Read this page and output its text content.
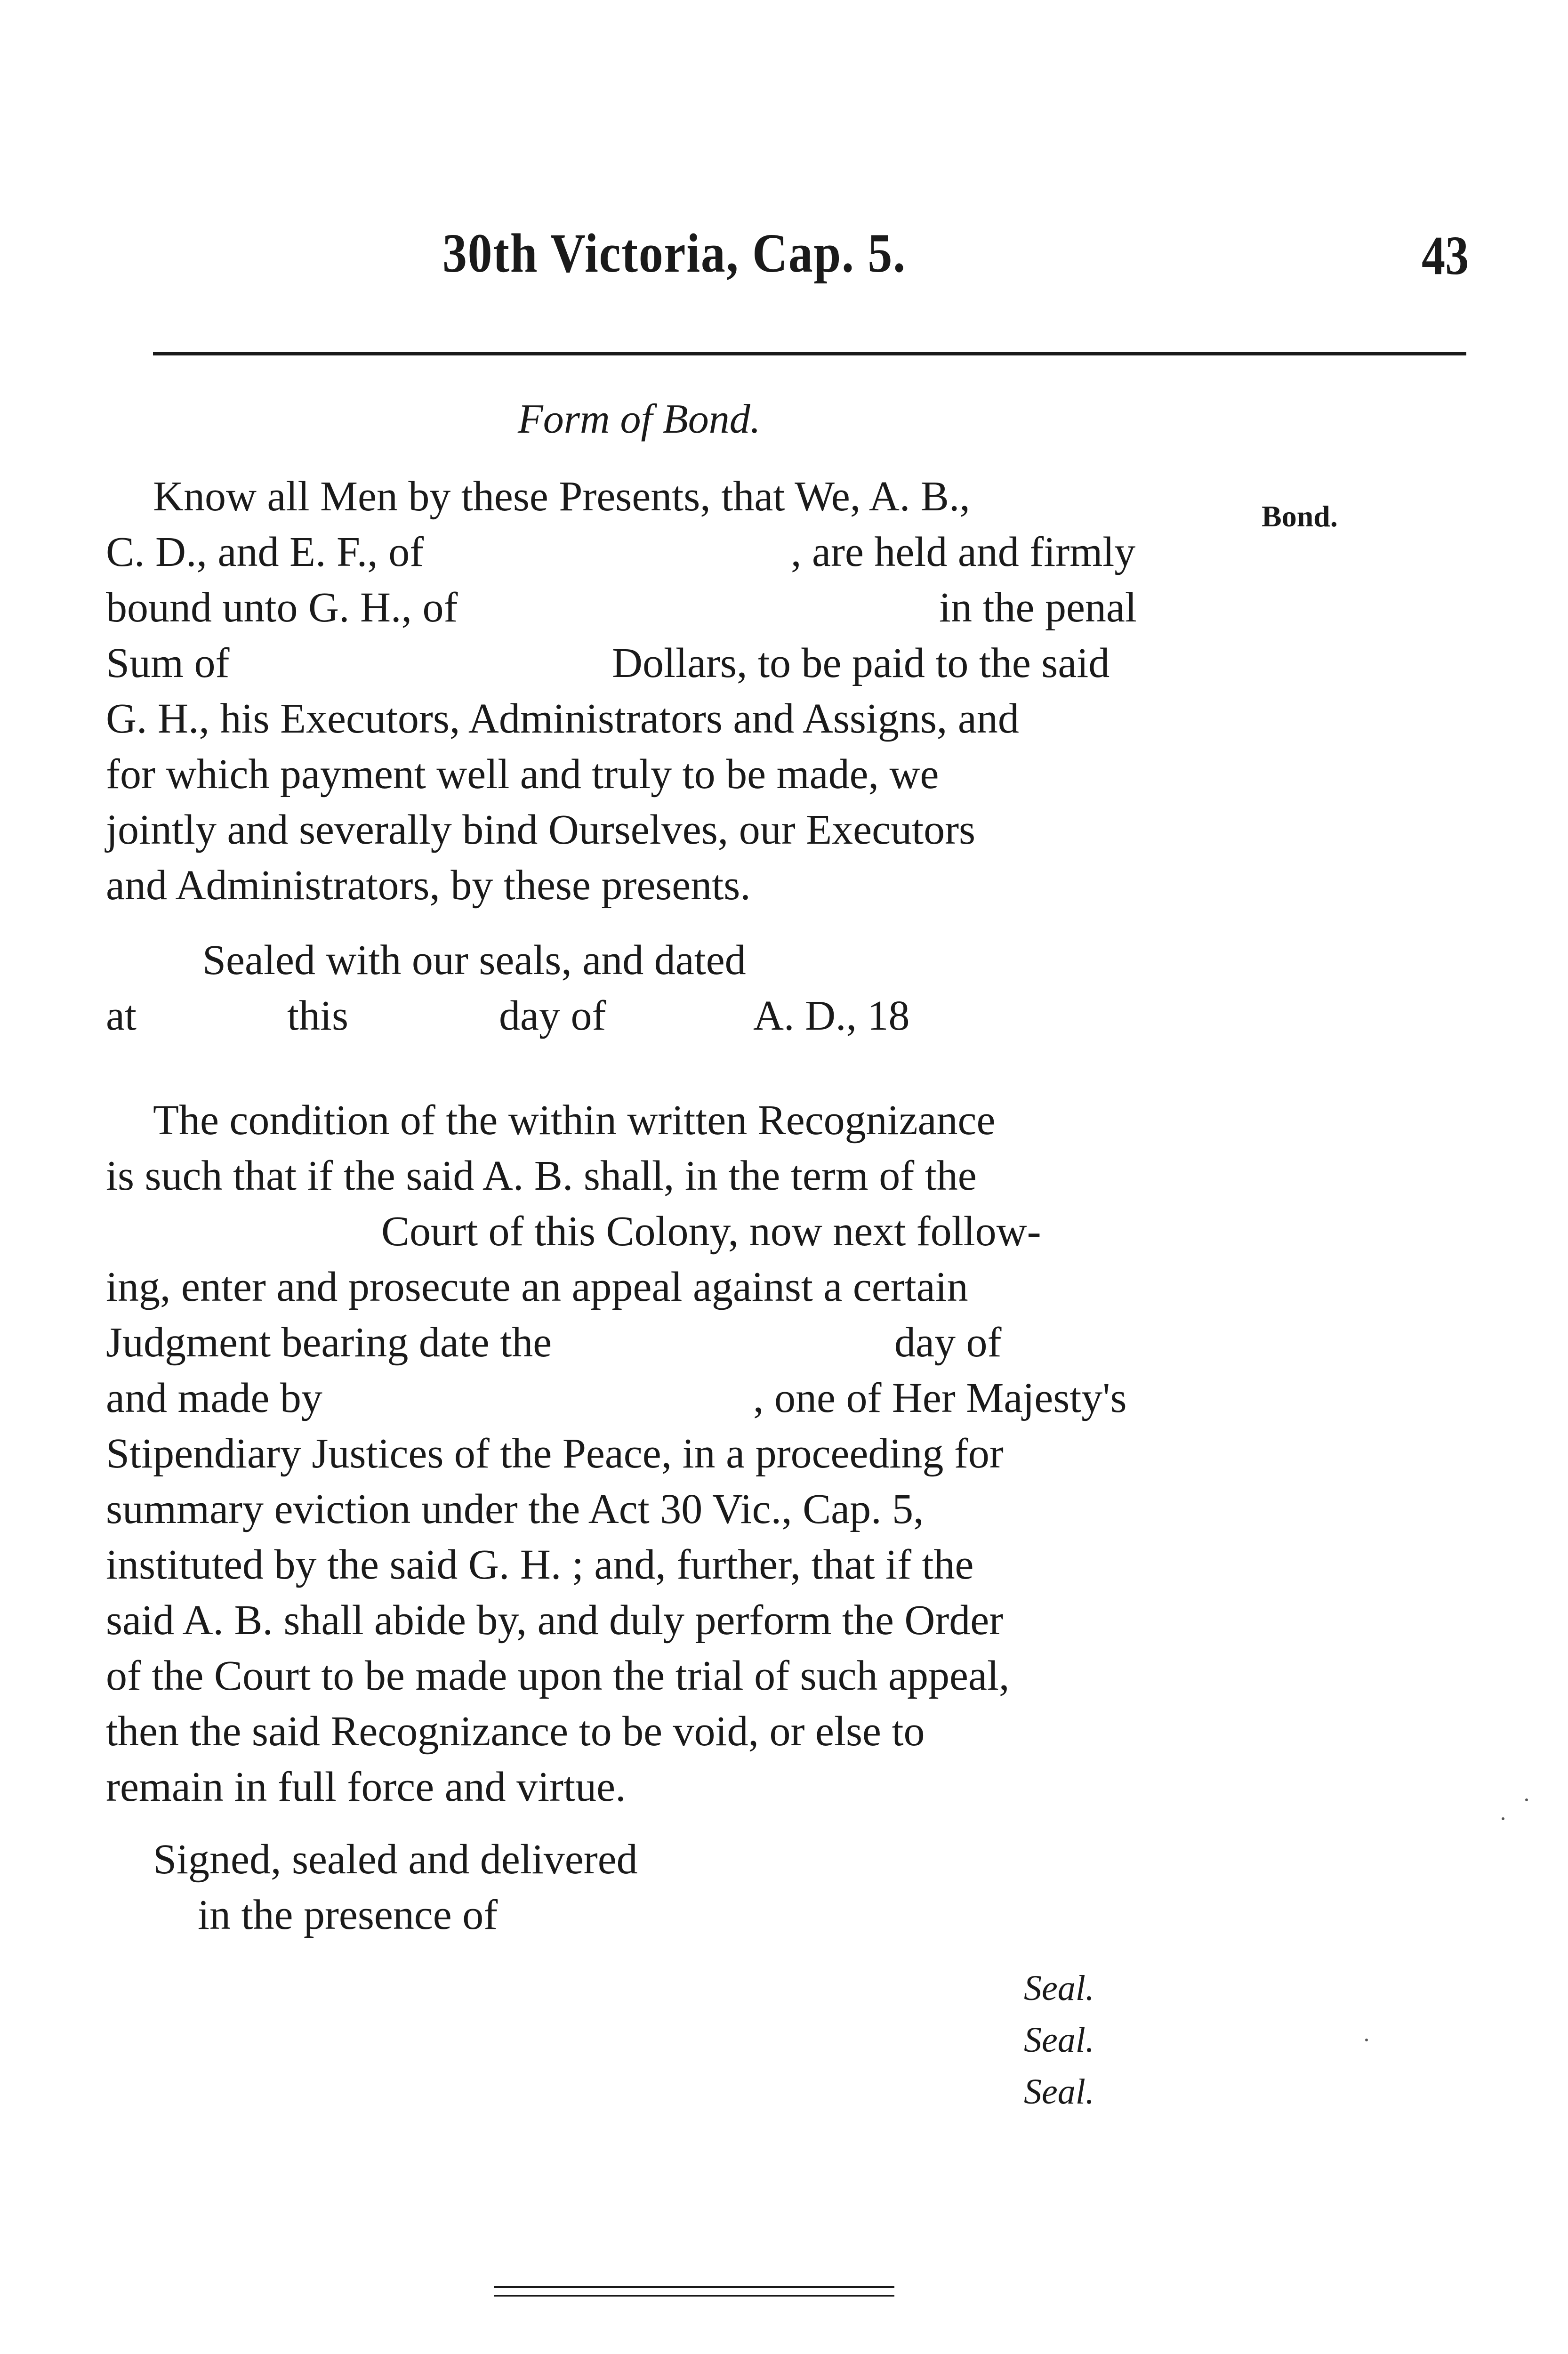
30th Victoria, Cap. 5.	43
Form of Bond.
Bond.
Know all Men by these Presents, that We, A. B.,
C. D., and E. F., of	, are held and firmly
bound unto G. H., of	in the penal
Sum of	Dollars, to be paid to the said
G. H., his Executors, Administrators and Assigns, and
for which payment well and truly to be made, we
jointly and severally bind Ourselves, our Executors
and Administrators, by these presents.
Sealed with our seals, and dated
at	this	day of	A. D., 18
The condition of the within written Recognizance
is such that if the said A. B. shall, in the term of the
Court of this Colony, now next follow-
ing, enter and prosecute an appeal against a certain
Judgment bearing date the	day of
and made by	, one of Her Majesty's
Stipendiary Justices of the Peace, in a proceeding for
summary eviction under the Act 30 Vic., Cap. 5,
instituted by the said G. H. ; and, further, that if the
said A. B. shall abide by, and duly perform the Order
of the Court to be made upon the trial of such appeal,
then the said Recognizance to be void, or else to
remain in full force and virtue.
Signed, sealed and delivered
in the presence of
Seal.
Seal.
Seal.
